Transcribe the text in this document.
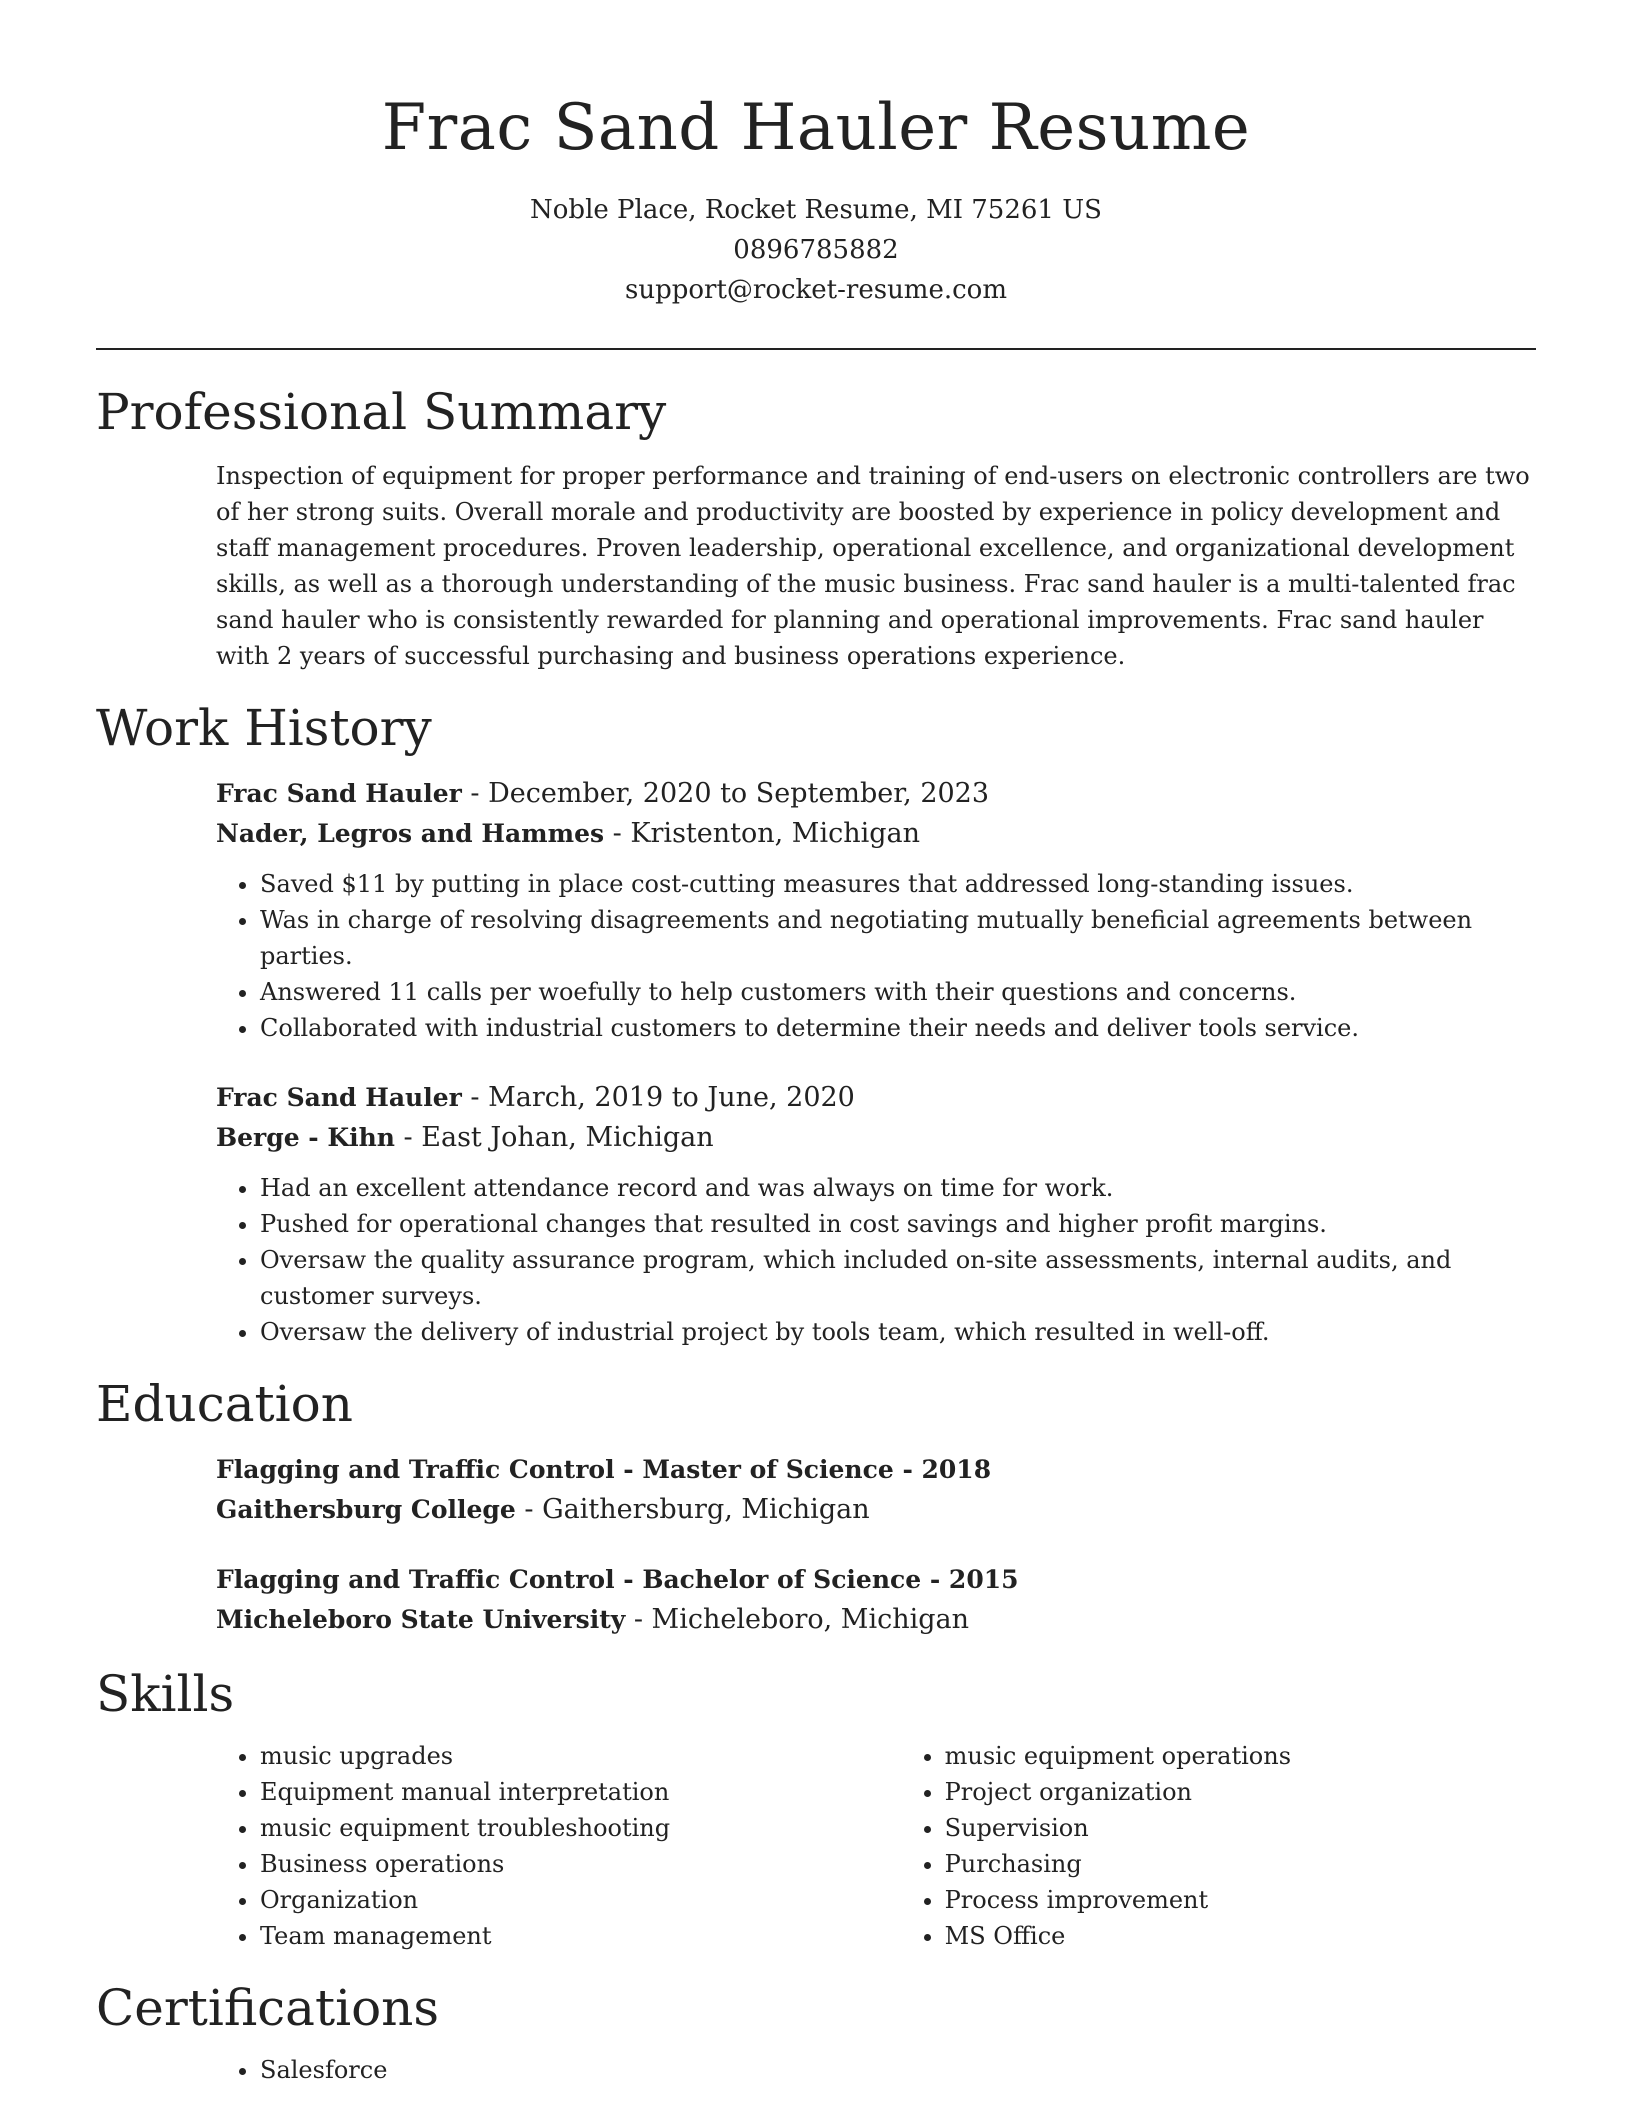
Frac Sand Hauler Resume

Noble Place, Rocket Resume, MI 75261 US

0896785882

support@rocket-resume.com

Professional Summary

Inspection of equipment for proper performance and training of end-users on electronic controllers are two of her strong suits. Overall morale and productivity are boosted by experience in policy development and staff management procedures. Proven leadership, operational excellence, and organizational development skills, as well as a thorough understanding of the music business. Frac sand hauler is a multi-talented frac sand hauler who is consistently rewarded for planning and operational improvements. Frac sand hauler with 2 years of successful purchasing and business operations experience.

Work History

Frac Sand Hauler - December, 2020 to September, 2023

Nader, Legros and Hammes - Kristenton, Michigan

• Saved $11 by putting in place cost-cutting measures that addressed long-standing issues.
• Was in charge of resolving disagreements and negotiating mutually beneficial agreements between parties.
• Answered 11 calls per woefully to help customers with their questions and concerns.
• Collaborated with industrial customers to determine their needs and deliver tools service.

Frac Sand Hauler - March, 2019 to June, 2020

Berge - Kihn - East Johan, Michigan

• Had an excellent attendance record and was always on time for work.
• Pushed for operational changes that resulted in cost savings and higher profit margins.
• Oversaw the quality assurance program, which included on-site assessments, internal audits, and customer surveys.
• Oversaw the delivery of industrial project by tools team, which resulted in well-off.
Education

Flagging and Traffic Control - Master of Science - 2018

Gaithersburg College - Gaithersburg, Michigan

Flagging and Traffic Control - Bachelor of Science - 2015

Micheleboro State University - Micheleboro, Michigan

Skills
• music upgrades
• Equipment manual interpretation
• music equipment troubleshooting
• Business operations
• Organization
• Team management
• music equipment operations
• Project organization
• Supervision
• Purchasing
• Process improvement
• MS Office
Certifications
• Salesforce
